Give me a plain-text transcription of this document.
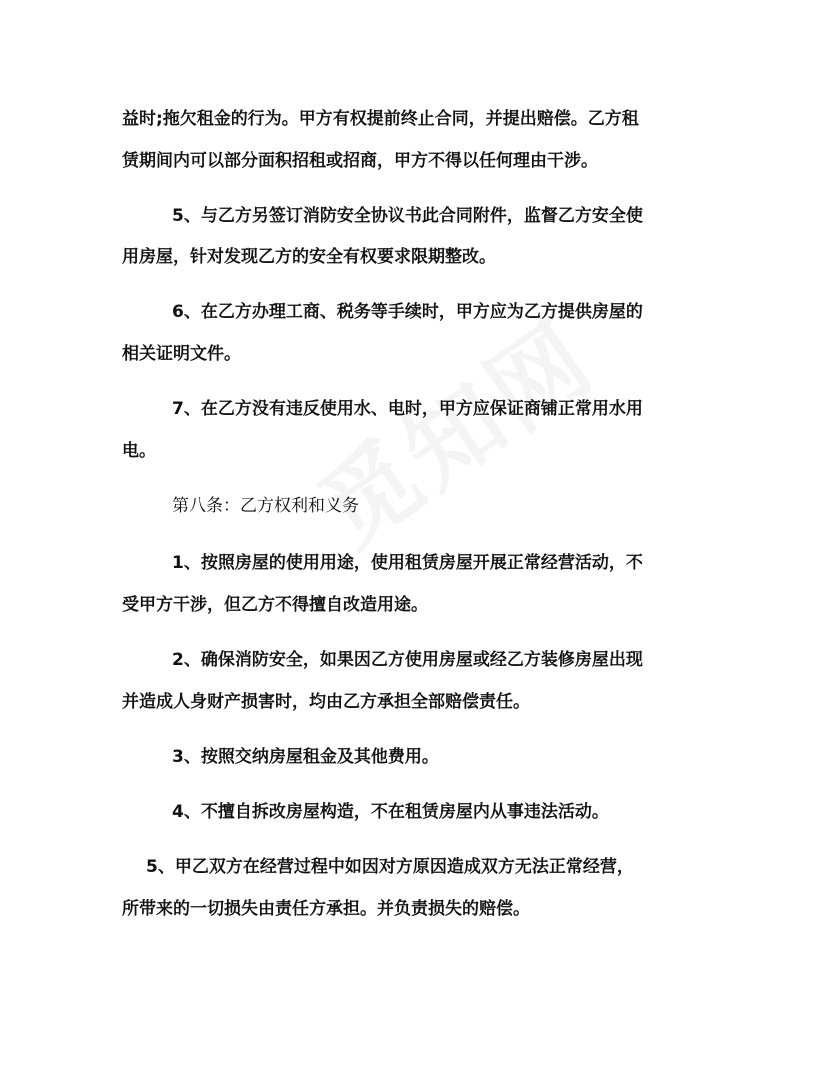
益时;拖欠租金的行为。甲方有权提前终止合同，并提出赔偿。乙方租
赁期间内可以部分面积招租或招商，甲方不得以任何理由干涉。
5、与乙方另签订消防安全协议书此合同附件，监督乙方安全使
用房屋，针对发现乙方的安全有权要求限期整改。
6、在乙方办理工商、税务等手续时，甲方应为乙方提供房屋的
相关证明文件。
7、在乙方没有违反使用水、电时，甲方应保证商铺正常用水用
电。
第八条：乙方权利和义务
1、按照房屋的使用用途，使用租赁房屋开展正常经营活动，不
受甲方干涉，但乙方不得擅自改造用途。
2、确保消防安全，如果因乙方使用房屋或经乙方装修房屋出现
并造成人身财产损害时，均由乙方承担全部赔偿责任。
3、按照交纳房屋租金及其他费用。
4、不擅自拆改房屋构造，不在租赁房屋内从事违法活动。
5、甲乙双方在经营过程中如因对方原因造成双方无法正常经营，
所带来的一切损失由责任方承担。并负责损失的赔偿。
